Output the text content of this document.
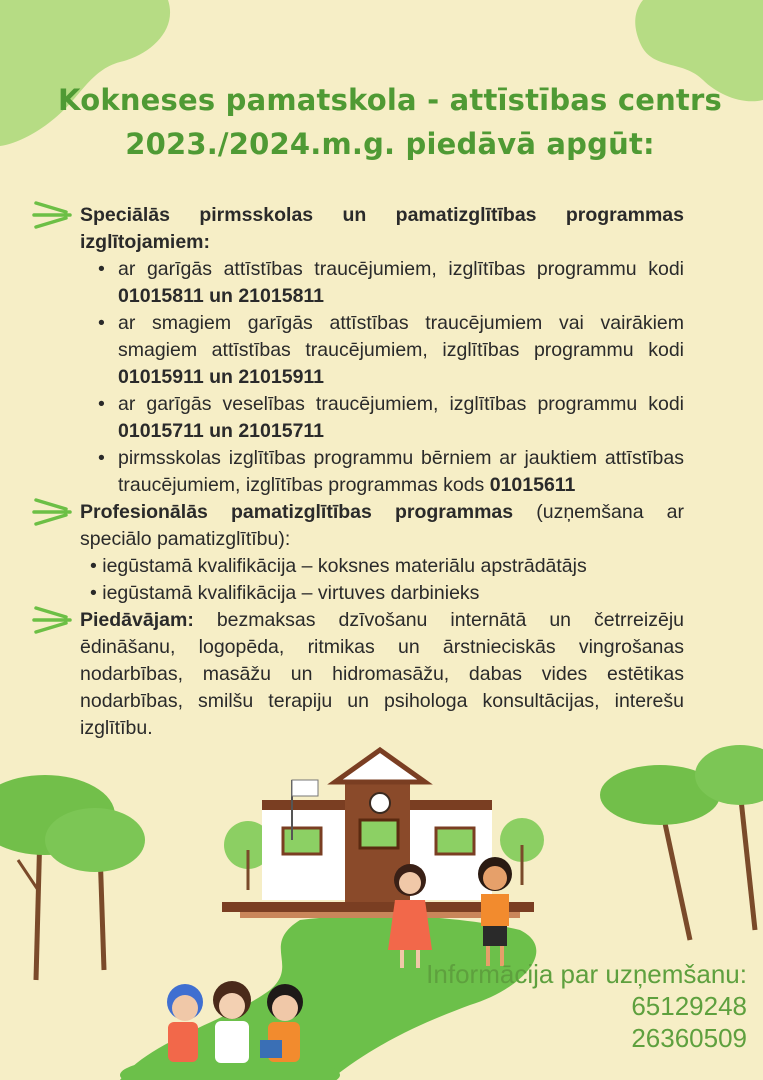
Kokneses pamatskola - attīstības centrs
2023./2024.m.g. piedāvā apgūt:

Speciālās pirmsskolas un pamatizglītības programmas izglītojamiem:

• ar garīgās attīstības traucējumiem, izglītības programmu kodi 01015811 un 21015811
• ar smagiem garīgās attīstības traucējumiem vai vairākiem smagiem attīstības traucējumiem, izglītības programmu kodi 01015911 un 21015911
• ar garīgās veselības traucējumiem, izglītības programmu kodi 01015711 un 21015711
• pirmsskolas izglītības programmu bērniem ar jauktiem attīstības traucējumiem, izglītības programmas kods 01015611

Profesionālās pamatizglītības programmas (uzņemšana ar speciālo pamatizglītību):

• iegūstamā kvalifikācija – koksnes materiālu apstrādātājs
• iegūstamā kvalifikācija – virtuves darbinieks

Piedāvājam: bezmaksas dzīvošanu internātā un četrreizēju ēdināšanu, logopēda, ritmikas un ārstnieciskās vingrošanas nodarbības, masāžu un hidromasāžu, dabas vides estētikas nodarbības, smilšu terapiju un psihologa konsultācijas, interešu izglītību.

Informācija par uzņemšanu:
65129248
26360509
